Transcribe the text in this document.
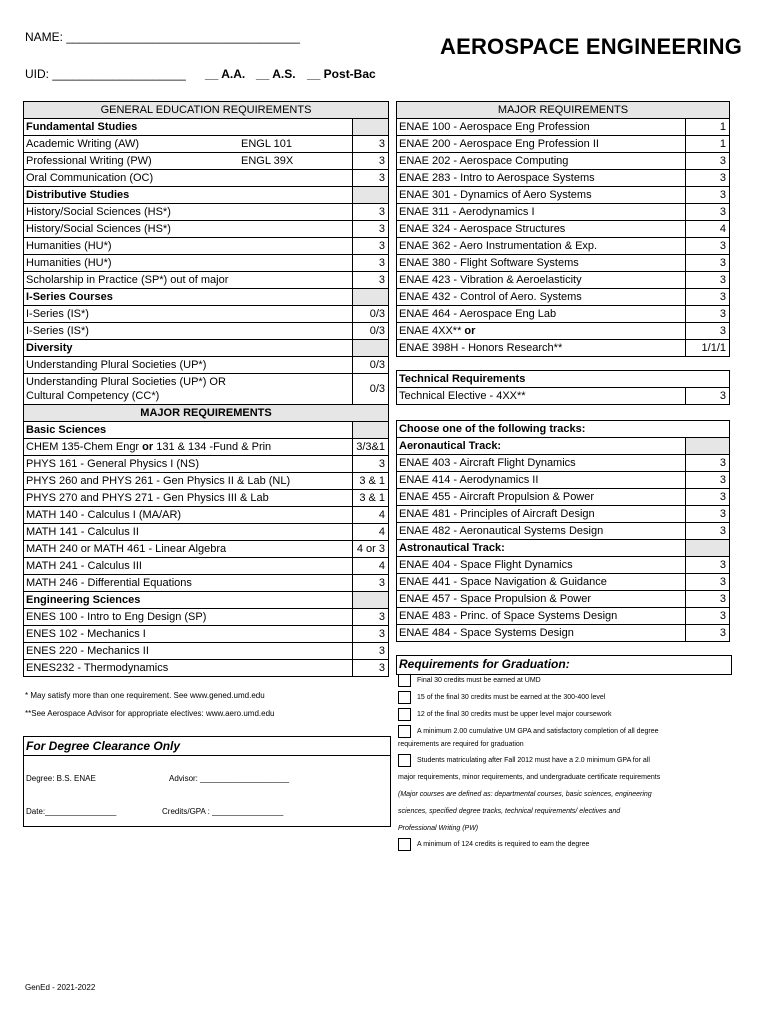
NAME: ___________________________________	AEROSPACE ENGINEERING
UID: ____________________ __ A.A. __ A.S. __ Post-Bac
GENERAL EDUCATION REQUIREMENTS	
Fundamental Studies	
Academic Writing (AW) ENGL 101	3
Professional Writing (PW) ENGL 39X	3
Oral Communication (OC)	3
Distributive Studies	
History/Social Sciences (HS*)	3
History/Social Sciences (HS*)	3
Humanities (HU*)	3
Humanities (HU*)	3
Scholarship in Practice (SP*) out of major	3
I-Series Courses	
I-Series (IS*)	0/3
I-Series (IS*)	0/3
Diversity	
Understanding Plural Societies (UP*)	0/3

Understanding Plural Societies (UP*) OR
Cultural Competency (CC*)	0/3
MAJOR REQUIREMENTS	
Basic Sciences	
CHEM 135-Chem Engr or 131 & 134 -Fund & Prin	3/3&1
PHYS 161 - General Physics I (NS)	3
PHYS 260 and PHYS 261 - Gen Physics II & Lab (NL)	3 & 1
PHYS 270 and PHYS 271 - Gen Physics III & Lab	3 & 1
MATH 140 - Calculus I (MA/AR)	4
MATH 141 - Calculus II	4
MATH 240 or MATH 461 - Linear Algebra	4 or 3
MATH 241 - Calculus III	4
MATH 246 - Differential Equations	3
Engineering Sciences	
ENES 100 - Intro to Eng Design (SP)	3
ENES 102 - Mechanics I	3
ENES 220 - Mechanics II	3
ENES232 - Thermodynamics	3
MAJOR REQUIREMENTS	
ENAE 100 - Aerospace Eng Profession	1
ENAE 200 - Aerospace Eng Profession II	1
ENAE 202 - Aerospace Computing	3
ENAE 283 - Intro to Aerospace Systems	3
ENAE 301 - Dynamics of Aero Systems	3
ENAE 311 - Aerodynamics I	3
ENAE 324 - Aerospace Structures	4
ENAE 362 - Aero Instrumentation & Exp.	3
ENAE 380 - Flight Software Systems	3
ENAE 423 - Vibration & Aeroelasticity	3
ENAE 432 - Control of Aero. Systems	3
ENAE 464 - Aerospace Eng Lab	3
ENAE 4XX** or	3
ENAE 398H - Honors Research**	1/1/1
Technical Requirements
Technical Elective - 4XX**	3
Choose one of the following tracks:	
Aeronautical Track:	
ENAE 403 - Aircraft Flight Dynamics	3
ENAE 414 - Aerodynamics II	3
ENAE 455 - Aircraft Propulsion & Power	3
ENAE 481 - Principles of Aircraft Design	3
ENAE 482 - Aeronautical Systems Design	3
Astronautical Track:	
ENAE 404 - Space Flight Dynamics	3
ENAE 441 - Space Navigation & Guidance	3
ENAE 457 - Space Propulsion & Power	3
ENAE 483 - Princ. of Space Systems Design	3
ENAE 484 - Space Systems Design	3
* May satisfy more than one requirement. See www.gened.umd.edu
**See Aerospace Advisor for appropriate electives: www.aero.umd.edu
For Degree Clearance Only
Degree: B.S. ENAE	Advisor: ____________________
Date:________________	Credits/GPA : ________________
Requirements for Graduation:
Final 30 credits must be earned at UMD
15 of the final 30 credits must be earned at the 300-400 level
12 of the final 30 credits must be upper level major coursework
A minimum 2.00 cumulative UM GPA and satisfactory completion of all degree
requirements are required for graduation
Students matriculating after Fall 2012 must have a 2.0 minimum GPA for all
major requirements, minor requirements, and undergraduate certificate requirements
(Major courses are defined as: departmental courses, basic sciences, engineering
sciences, specified degree tracks, technical requirements/ electives and
Professional Writing (PW)
A minimum of 124 credits is required to earn the degree
GenEd - 2021-2022
